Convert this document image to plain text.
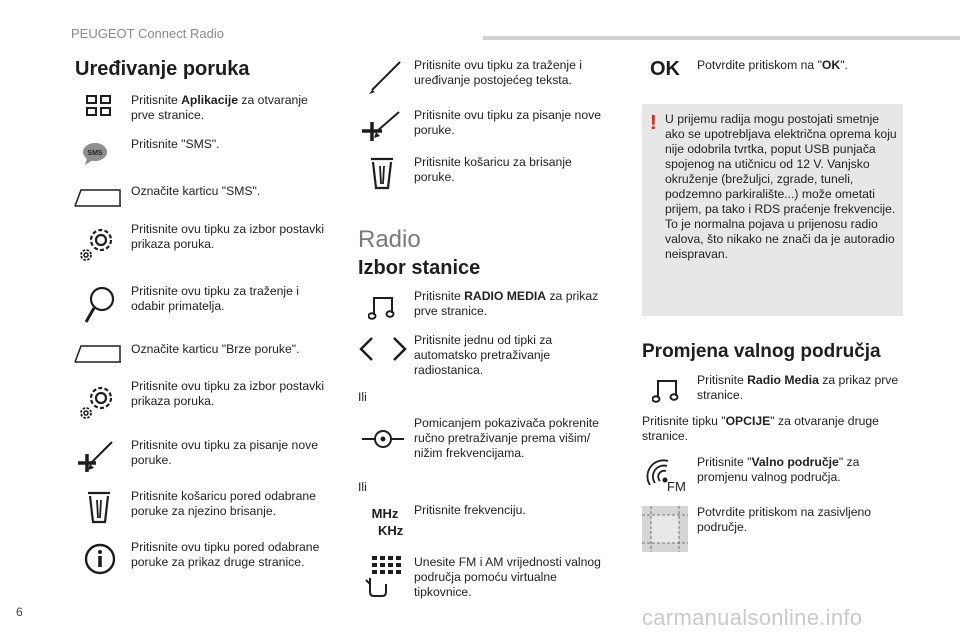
PEUGEOT Connect Radio
6	carmanualsonline.info
Uređivanje poruka
Pritisnite Aplikacije za otvaranje prve stranice.
SMS
Pritisnite "SMS".
Označite karticu "SMS".
Pritisnite ovu tipku za izbor postavki prikaza poruka.
Pritisnite ovu tipku za traženje i odabir primatelja.
Označite karticu "Brze poruke".
Pritisnite ovu tipku za izbor postavki prikaza poruka.
Pritisnite ovu tipku za pisanje nove poruke.
Pritisnite košaricu pored odabrane poruke za njezino brisanje.
Pritisnite ovu tipku pored odabrane poruke za prikaz druge stranice.
Pritisnite ovu tipku za traženje i uređivanje postojećeg teksta.
Pritisnite ovu tipku za pisanje nove poruke.
Pritisnite košaricu za brisanje poruke.
Radio
Izbor stanice
Pritisnite RADIO MEDIA za prikaz prve stranice.
Pritisnite jednu od tipki za automatsko pretraživanje radiostanica.
Ili
Pomicanjem pokazivača pokrenite ručno pretraživanje prema višim/ nižim frekvencijama.
Ili
MHz
KHz
Pritisnite frekvenciju.
Unesite FM i AM vrijednosti valnog područja pomoću virtualne tipkovnice.
OK Potvrdite pritiskom na "OK".
! U prijemu radija mogu postojati smetnje ako se upotrebljava električna oprema koju nije odobrila tvrtka, poput USB punjača spojenog na utičnicu od 12 V. Vanjsko okruženje (brežuljci, zgrade, tuneli, podzemno parkiralište...) može ometati prijem, pa tako i RDS praćenje frekvencije. To je normalna pojava u prijenosu radio valova, što nikako ne znači da je autoradio neispravan.
Promjena valnog područja
Pritisnite Radio Media za prikaz prve stranice.
Pritisnite tipku "OPCIJE" za otvaranje druge stranice.
FM
Pritisnite "Valno područje" za promjenu valnog područja.
Potvrdite pritiskom na zasivljeno područje.
